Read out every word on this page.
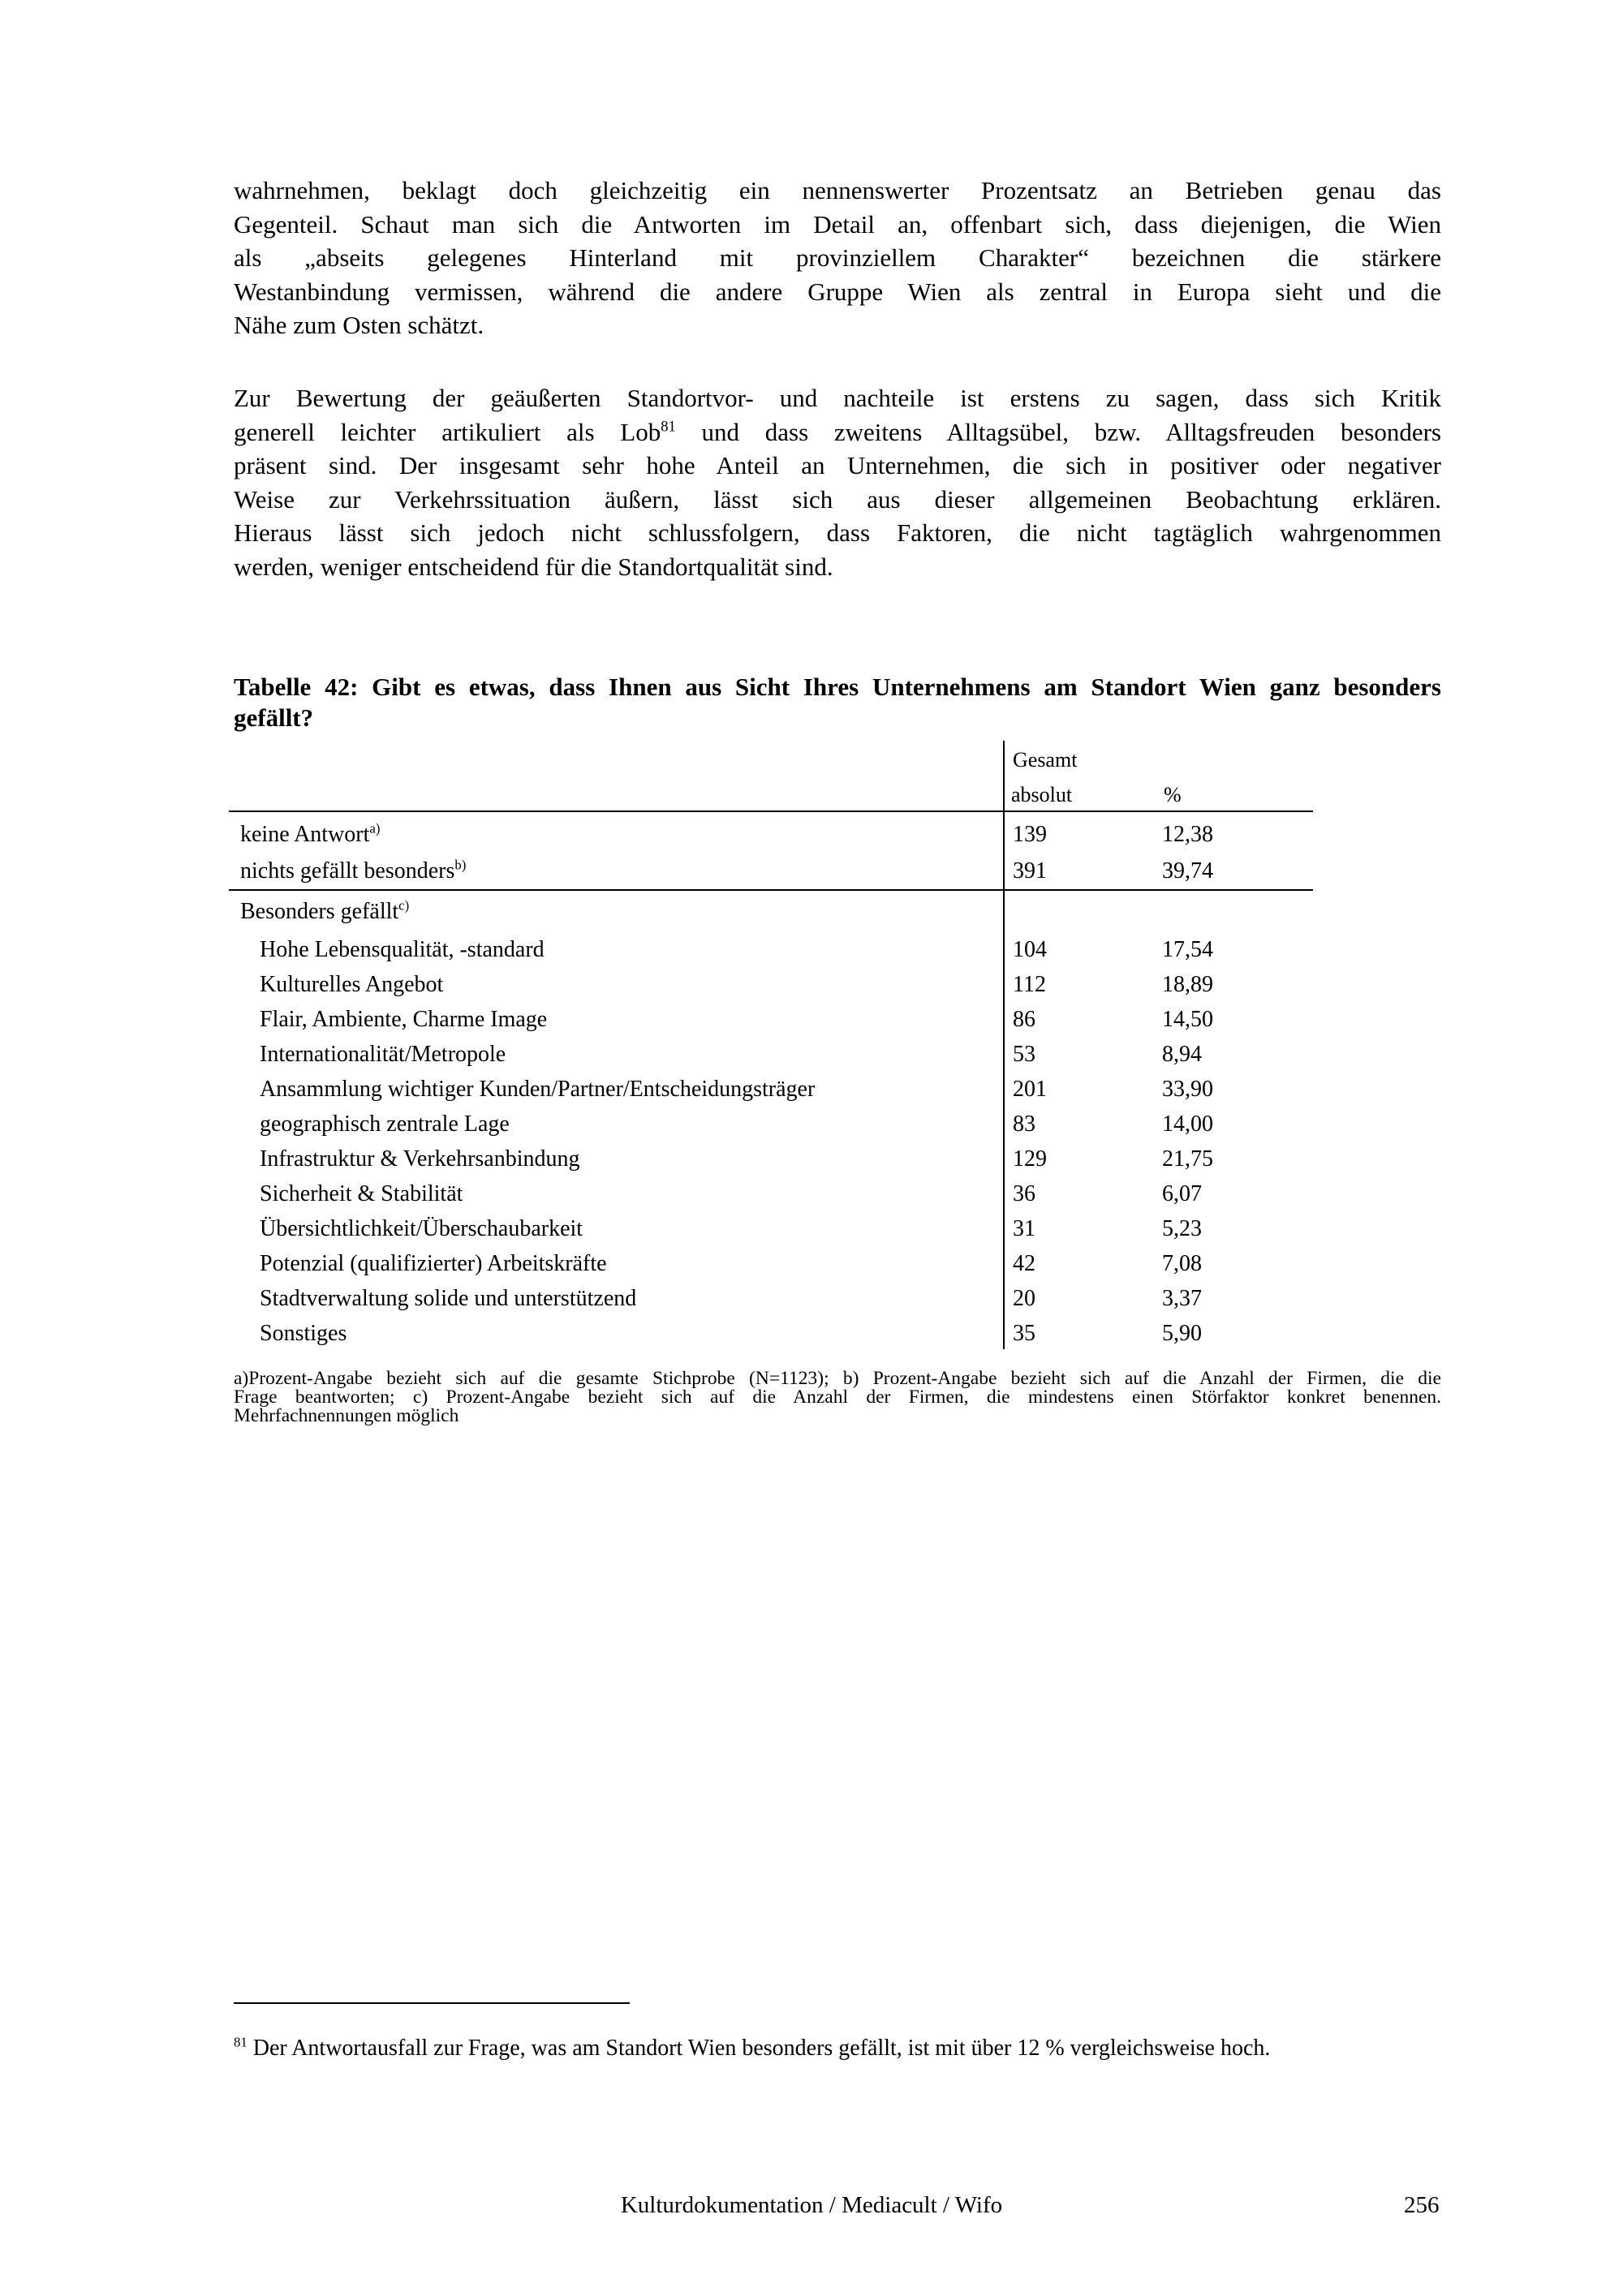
wahrnehmen, beklagt doch gleichzeitig ein nennenswerter Prozentsatz an Betrieben genau das
Gegenteil. Schaut man sich die Antworten im Detail an, offenbart sich, dass diejenigen, die Wien
als „abseits gelegenes Hinterland mit provinziellem Charakter“ bezeichnen die stärkere
Westanbindung vermissen, während die andere Gruppe Wien als zentral in Europa sieht und die
Nähe zum Osten schätzt.

Zur Bewertung der geäußerten Standortvor- und nachteile ist erstens zu sagen, dass sich Kritik
generell leichter artikuliert als Lob$^{81}$ und dass zweitens Alltagsübel, bzw. Alltagsfreuden besonders
präsent sind. Der insgesamt sehr hohe Anteil an Unternehmen, die sich in positiver oder negativer
Weise zur Verkehrssituation äußern, lässt sich aus dieser allgemeinen Beobachtung erklären.
Hieraus lässt sich jedoch nicht schlussfolgern, dass Faktoren, die nicht tagtäglich wahrgenommen
werden, weniger entscheidend für die Standortqualität sind.

Tabelle 42: Gibt es etwas, dass Ihnen aus Sicht Ihres Unternehmens am Standort Wien ganz besonders
gefällt?

Gesamt
absolut	%
keine Antwort$^{a)}$	139	12,38
nichts gefällt besonders$^{b)}$	391	39,74
Besonders gefällt$^{c)}$
Hohe Lebensqualität, -standard	104	17,54
Kulturelles Angebot	112	18,89
Flair, Ambiente, Charme Image	86	14,50
Internationalität/Metropole	53	8,94
Ansammlung wichtiger Kunden/Partner/Entscheidungsträger	201	33,90
geographisch zentrale Lage	83	14,00
Infrastruktur & Verkehrsanbindung	129	21,75
Sicherheit & Stabilität	36	6,07
Übersichtlichkeit/Überschaubarkeit	31	5,23
Potenzial (qualifizierter) Arbeitskräfte	42	7,08
Stadtverwaltung solide und unterstützend	20	3,37
Sonstiges	35	5,90

a)Prozent-Angabe bezieht sich auf die gesamte Stichprobe (N=1123); b) Prozent-Angabe bezieht sich auf die Anzahl der Firmen, die die
Frage beantworten; c) Prozent-Angabe bezieht sich auf die Anzahl der Firmen, die mindestens einen Störfaktor konkret benennen.
Mehrfachnennungen möglich

$^{81}$ Der Antwortausfall zur Frage, was am Standort Wien besonders gefällt, ist mit über 12 % vergleichsweise hoch.

Kulturdokumentation / Mediacult / Wifo	256
